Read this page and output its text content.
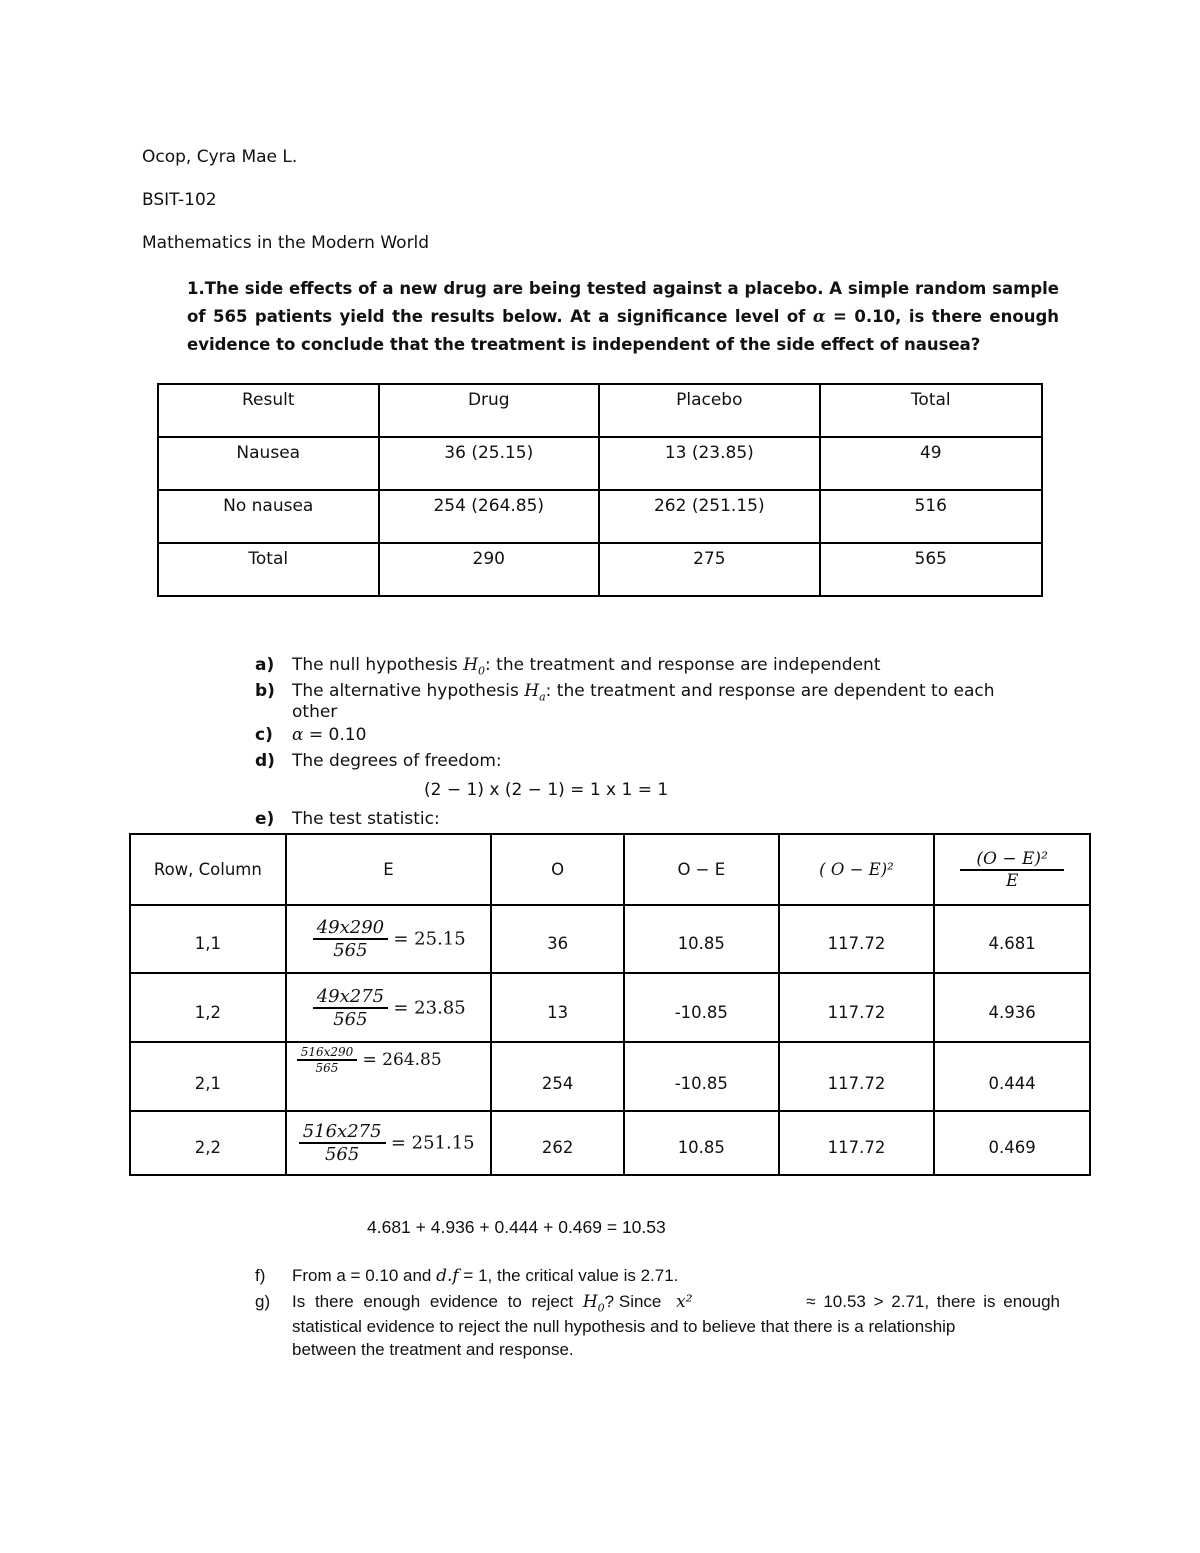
Ocop, Cyra Mae L.
BSIT-102
Mathematics in the Modern World
1.The side effects of a new drug are being tested against a placebo. A simple random sample of 565 patients yield the results below. At a significance level of α = 0.10, is there enough evidence to conclude that the treatment is independent of the side effect of nausea?
Result	Drug	Placebo	Total
Nausea	36 (25.15)	13 (23.85)	49
No nausea	254 (264.85)	262 (251.15)	516
Total	290	275	565
a) The null hypothesis $H_0$: the treatment and response are independent
b) The alternative hypothesis $H_a$: the treatment and response are dependent to each
other
c) α = 0.10
d) The degrees of freedom:
(2 − 1) x (2 − 1) = 1 x 1 = 1
e) The test statistic:
Row, Column	E	O	O − E	( O − E)²	$\frac{\text{(O − E)²}}{E}$

1,1	$\frac{49x290}{565} = 25.15$	36	10.85	117.72	4.681
1,2	$\frac{49x275}{565} = 23.85$	13	-10.85	117.72	4.936
2,1	$\frac{516x290}{565} = 264.85$	254	-10.85	117.72	0.444
2,2	$\frac{516x275}{565} = 251.15$	262	10.85	117.72	0.469
4.681 + 4.936 + 0.444 + 0.469 = 10.53
f) From a = 0.10 and d.f = 1, the critical value is 2.71.
g) Is there enough evidence to reject $H_0$? Since x²	≈ 10.53 > 2.71, there is enough
statistical evidence to reject the null hypothesis and to believe that there is a relationship
between the treatment and response.
